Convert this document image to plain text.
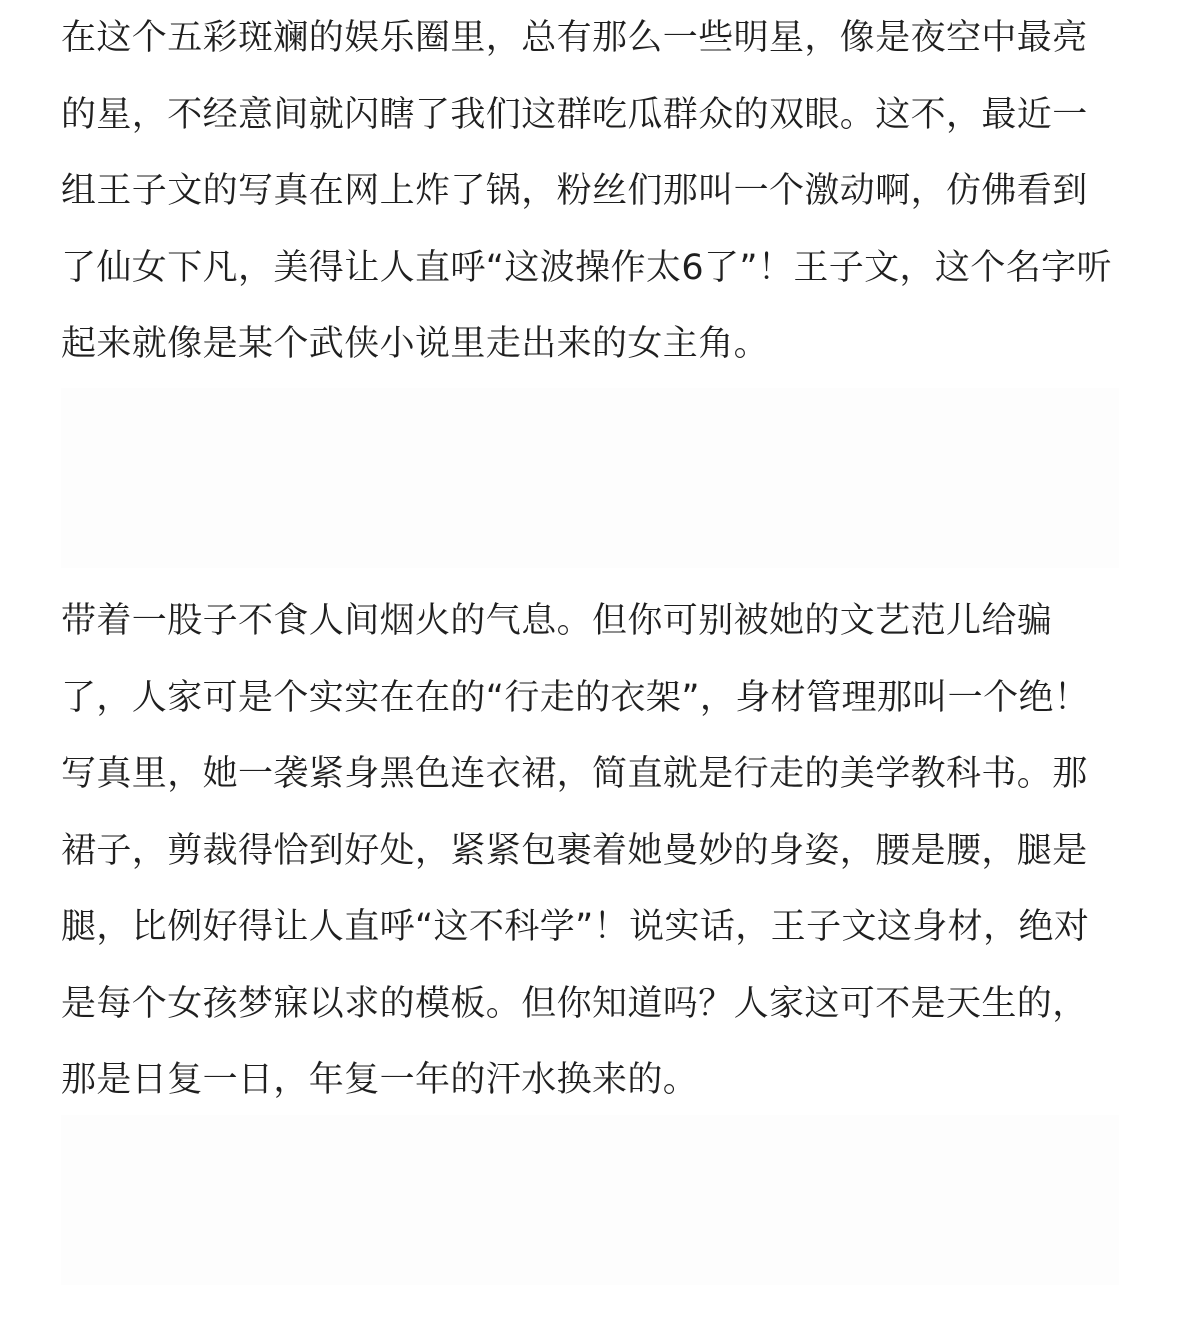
在这个五彩斑斓的娱乐圈里，总有那么一些明星，像是夜空中最亮
的星，不经意间就闪瞎了我们这群吃瓜群众的双眼。这不，最近一
组王子文的写真在网上炸了锅，粉丝们那叫一个激动啊，仿佛看到
了仙女下凡，美得让人直呼“这波操作太6了”！王子文，这个名字听
起来就像是某个武侠小说里走出来的女主角。

带着一股子不食人间烟火的气息。但你可别被她的文艺范儿给骗
了，人家可是个实实在在的“行走的衣架”，身材管理那叫一个绝！
写真里，她一袭紧身黑色连衣裙，简直就是行走的美学教科书。那
裙子，剪裁得恰到好处，紧紧包裹着她曼妙的身姿，腰是腰，腿是
腿，比例好得让人直呼“这不科学”！说实话，王子文这身材，绝对
是每个女孩梦寐以求的模板。但你知道吗？人家这可不是天生的，
那是日复一日，年复一年的汗水换来的。
